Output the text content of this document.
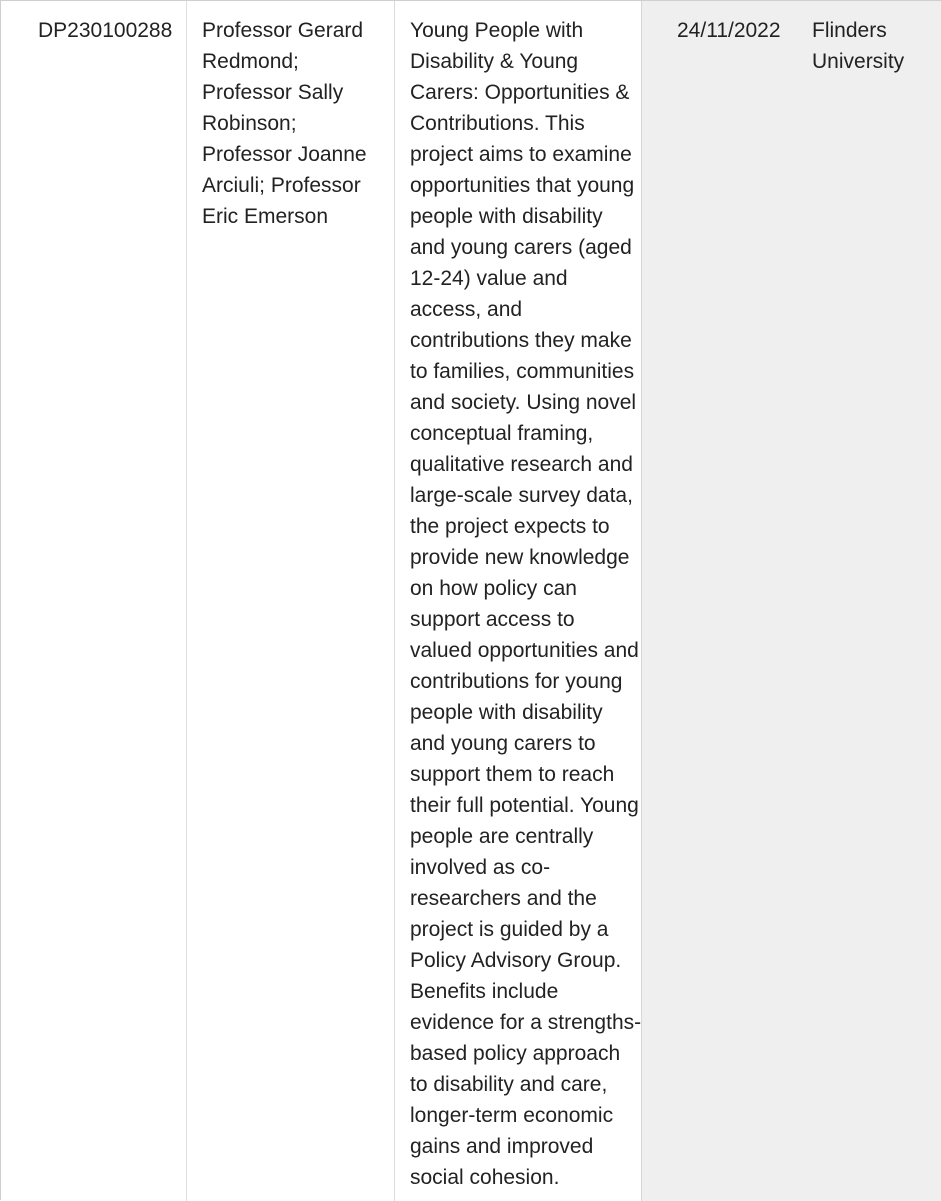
DP230100288	Professor Gerard
Redmond;
Professor Sally
Robinson;
Professor Joanne
Arciuli; Professor
Eric Emerson
Young People with
Disability & Young
Carers: Opportunities &
Contributions. This
project aims to examine
opportunities that young
people with disability
and young carers (aged
12-24) value and
access, and
contributions they make
to families, communities
and society. Using novel
conceptual framing,
qualitative research and
large-scale survey data,
the project expects to
provide new knowledge
on how policy can
support access to
valued opportunities and
contributions for young
people with disability
and young carers to
support them to reach
their full potential. Young
people are centrally
involved as co-
researchers and the
project is guided by a
Policy Advisory Group.
Benefits include
evidence for a strengths-
based policy approach
to disability and care,
longer-term economic
gains and improved
social cohesion.
24/11/2022	Flinders
University
